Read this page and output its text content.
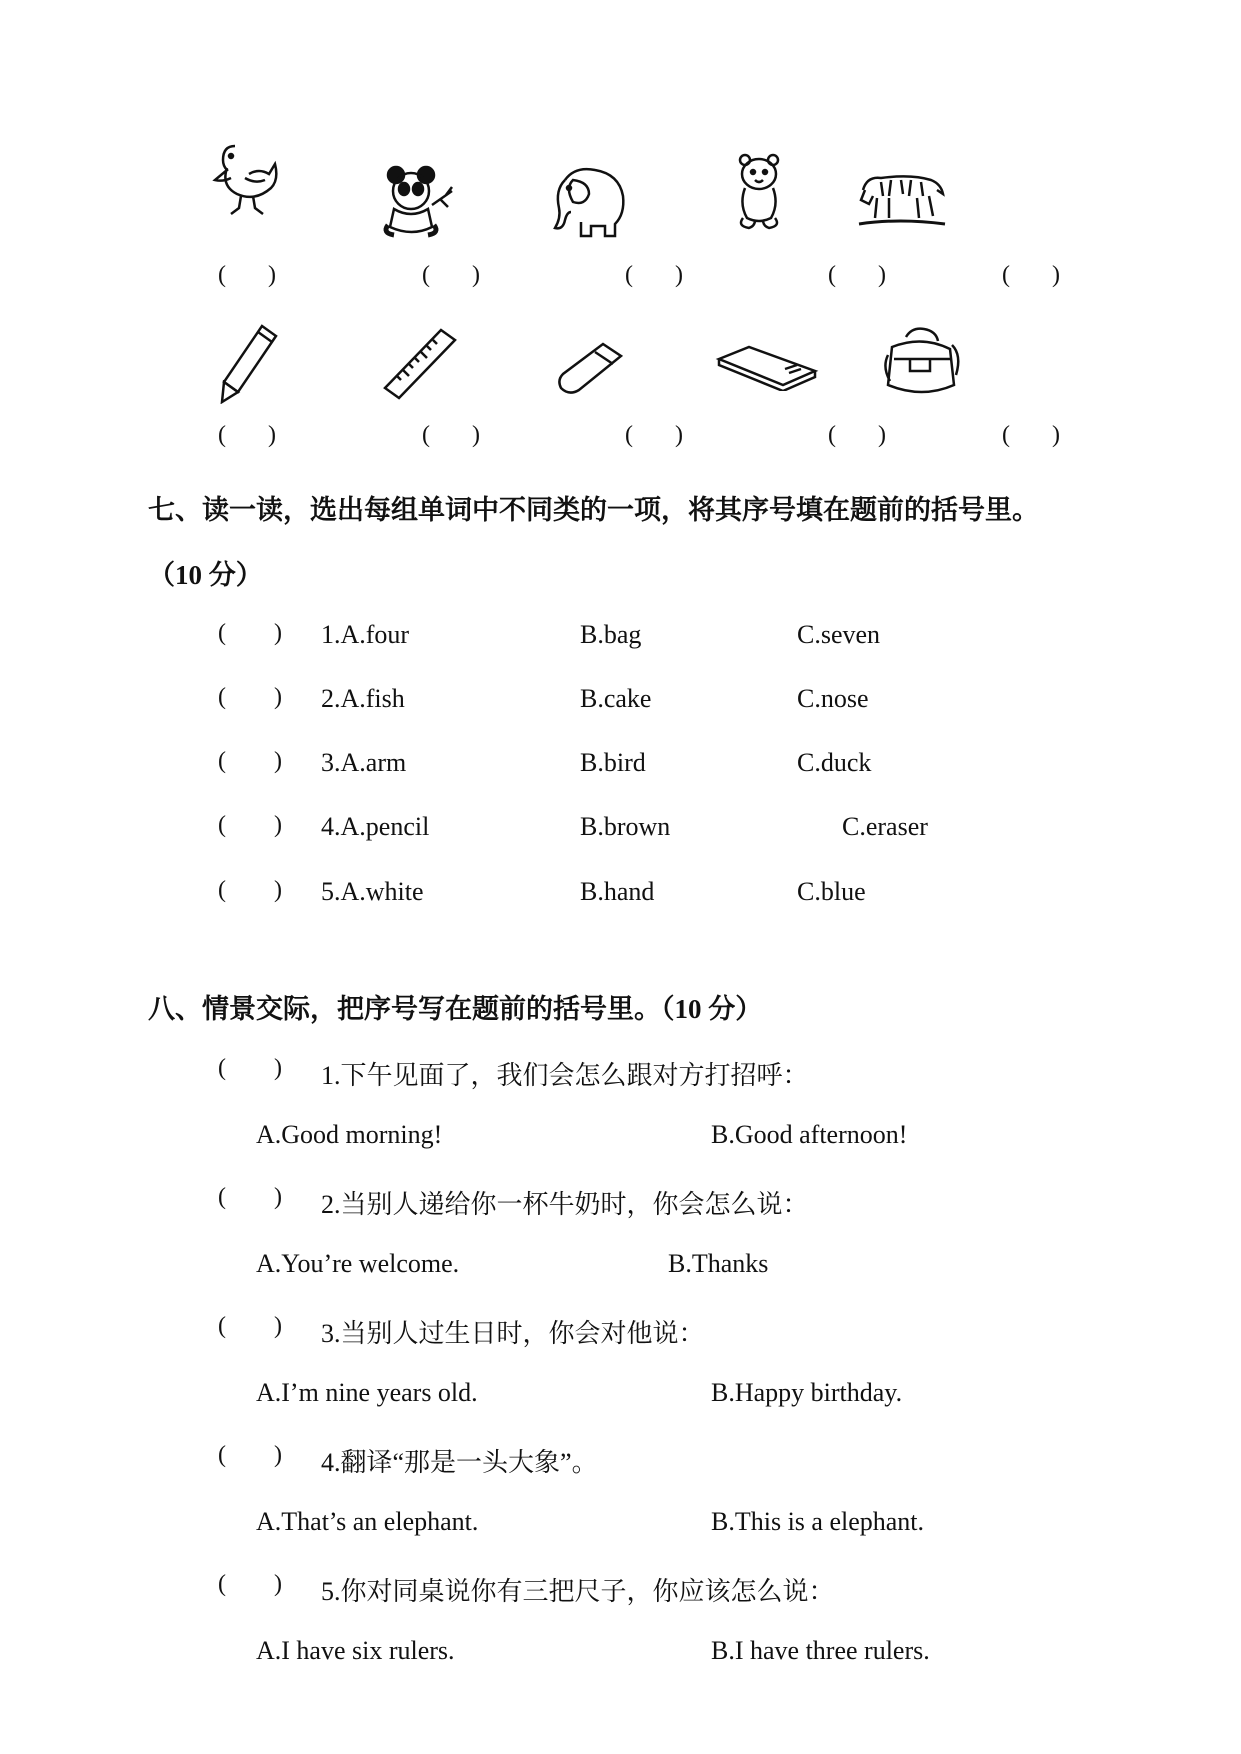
(       )	(       )	(       )	(       )	(       )
(       )	(       )	(       )	(       )	(       )
七、读一读，选出每组单词中不同类的一项，将其序号填在题前的括号里。
（10 分）
(        ) 1.A.four	B.bag	C.seven
(        ) 2.A.fish	B.cake	C.nose
(        ) 3.A.arm	B.bird	C.duck
(        ) 4.A.pencil	B.brown	C.eraser
(        ) 5.A.white	B.hand	C.blue
八、情景交际，把序号写在题前的括号里。（10 分）
(        ) 1.下午见面了，我们会怎么跟对方打招呼：
A.Good morning!	B.Good afternoon!
(        ) 2.当别人递给你一杯牛奶时，你会怎么说：
A.You’re welcome.	B.Thanks
(        ) 3.当别人过生日时，你会对他说：
A.I’m nine years old.	B.Happy birthday.
(        ) 4.翻译“那是一头大象”。
A.That’s an elephant.	B.This is a elephant.
(        ) 5.你对同桌说你有三把尺子，你应该怎么说：
A.I have six rulers.	B.I have three rulers.
